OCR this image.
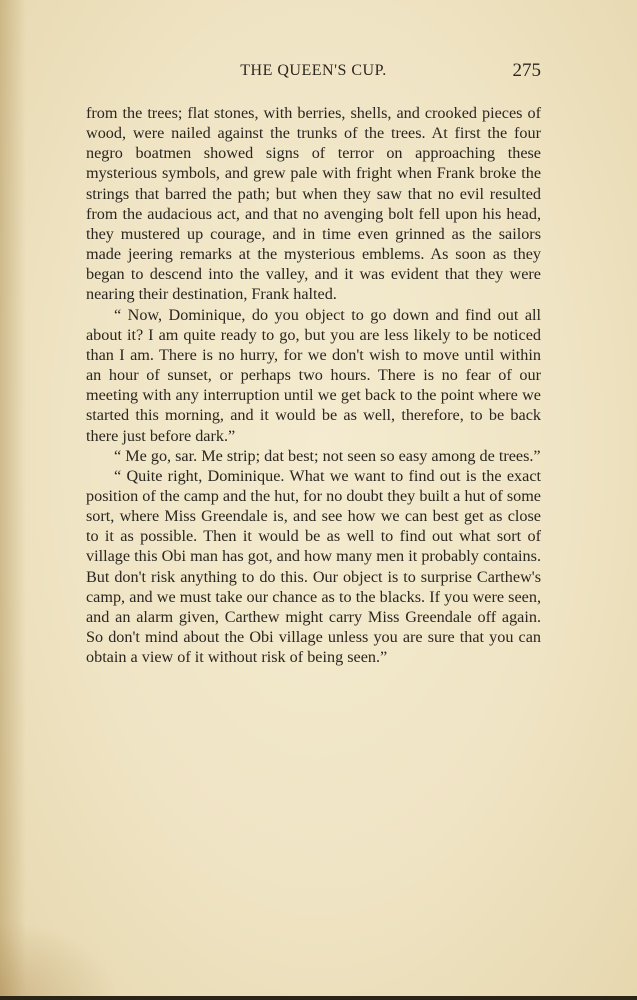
THE QUEEN'S CUP.	275

from the trees; flat stones, with berries, shells, and crooked pieces of wood, were nailed against the trunks of the trees. At first the four negro boatmen showed signs of terror on approaching these mysterious symbols, and grew pale with fright when Frank broke the strings that barred the path; but when they saw that no evil resulted from the audacious act, and that no avenging bolt fell upon his head, they mustered up courage, and in time even grinned as the sailors made jeering remarks at the mysterious emblems. As soon as they began to descend into the valley, and it was evident that they were nearing their destination, Frank halted.

“ Now, Dominique, do you object to go down and find out all about it? I am quite ready to go, but you are less likely to be noticed than I am. There is no hurry, for we don't wish to move until within an hour of sunset, or perhaps two hours. There is no fear of our meeting with any interruption until we get back to the point where we started this morning, and it would be as well, therefore, to be back there just before dark.”

“ Me go, sar. Me strip; dat best; not seen so easy among de trees.”

“ Quite right, Dominique. What we want to find out is the exact position of the camp and the hut, for no doubt they built a hut of some sort, where Miss Greendale is, and see how we can best get as close to it as possible. Then it would be as well to find out what sort of village this Obi man has got, and how many men it probably contains. But don't risk anything to do this. Our object is to surprise Carthew's camp, and we must take our chance as to the blacks. If you were seen, and an alarm given, Carthew might carry Miss Greendale off again. So don't mind about the Obi village unless you are sure that you can obtain a view of it without risk of being seen.”
